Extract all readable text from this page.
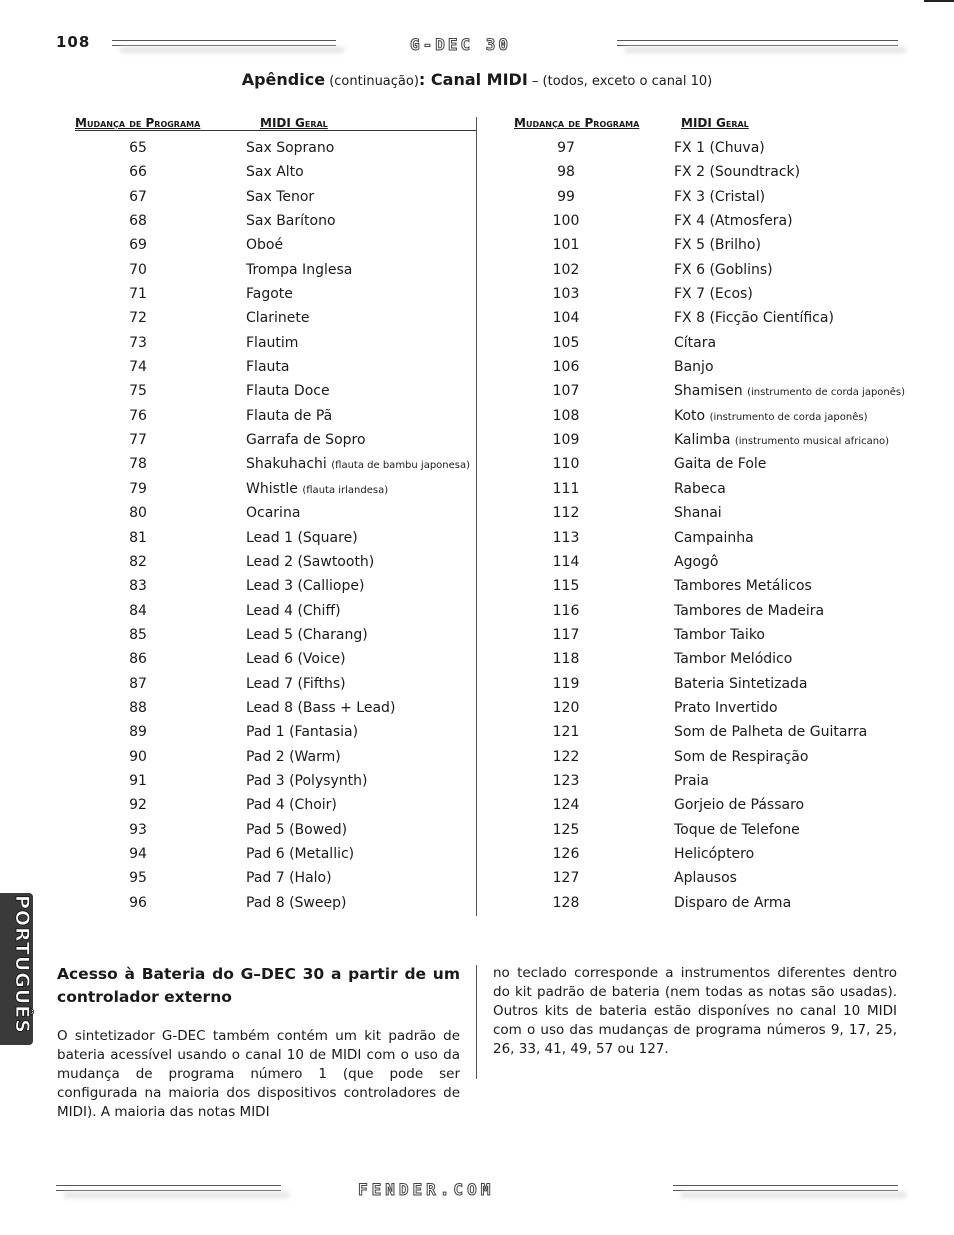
108	G-DEC 30
Apêndice (continuação): Canal MIDI – (todos, exceto o canal 10)
Mudança de Programa	MIDI Geral	Mudança de Programa	MIDI Geral
65	Sax Soprano
66	Sax Alto
67	Sax Tenor
68	Sax Barítono
69	Oboé
70	Trompa Inglesa
71	Fagote
72	Clarinete
73	Flautim
74	Flauta
75	Flauta Doce
76	Flauta de Pã
77	Garrafa de Sopro
78	Shakuhachi (flauta de bambu japonesa)
79	Whistle (flauta irlandesa)
80	Ocarina
81	Lead 1 (Square)
82	Lead 2 (Sawtooth)
83	Lead 3 (Calliope)
84	Lead 4 (Chiff)
85	Lead 5 (Charang)
86	Lead 6 (Voice)
87	Lead 7 (Fifths)
88	Lead 8 (Bass + Lead)
89	Pad 1 (Fantasia)
90	Pad 2 (Warm)
91	Pad 3 (Polysynth)
92	Pad 4 (Choir)
93	Pad 5 (Bowed)
94	Pad 6 (Metallic)
95	Pad 7 (Halo)
96	Pad 8 (Sweep)
97	FX 1 (Chuva)
98	FX 2 (Soundtrack)
99	FX 3 (Cristal)
100	FX 4 (Atmosfera)
101	FX 5 (Brilho)
102	FX 6 (Goblins)
103	FX 7 (Ecos)
104	FX 8 (Ficção Científica)
105	Cítara
106	Banjo
107	Shamisen (instrumento de corda japonês)
108	Koto (instrumento de corda japonês)
109	Kalimba (instrumento musical africano)
110	Gaita de Fole
111	Rabeca
112	Shanai
113	Campainha
114	Agogô
115	Tambores Metálicos
116	Tambores de Madeira
117	Tambor Taiko
118	Tambor Melódico
119	Bateria Sintetizada
120	Prato Invertido
121	Som de Palheta de Guitarra
122	Som de Respiração
123	Praia
124	Gorjeio de Pássaro
125	Toque de Telefone
126	Helicóptero
127	Aplausos
128	Disparo de Arma
PORTUGUÊS Acesso à Bateria do G–DEC 30 a partir de um controlador externo
O sintetizador G-DEC também contém um kit padrão de bateria acessível usando o canal 10 de MIDI com o uso da mudança de programa número 1 (que pode ser configurada na maioria dos dispositivos controladores de MIDI). A maioria das notas MIDI
no teclado corresponde a instrumentos diferentes dentro do kit padrão de bateria (nem todas as notas são usadas). Outros kits de bateria estão disponíves no canal 10 MIDI com o uso das mudanças de programa números 9, 17, 25, 26, 33, 41, 49, 57 ou 127.
FENDER.COM
